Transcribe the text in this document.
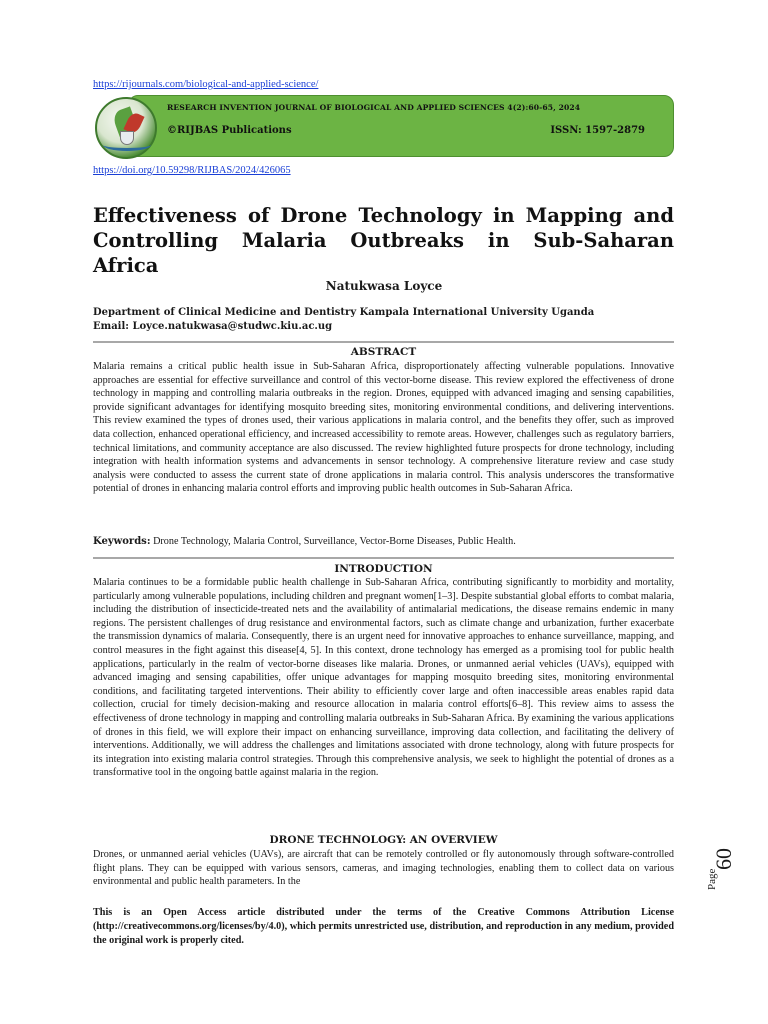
https://rijournals.com/biological-and-applied-science/
RESEARCH INVENTION JOURNAL OF BIOLOGICAL AND APPLIED SCIENCES 4(2):60-65, 2024
©RIJBAS Publications	ISSN: 1597-2879
https://doi.org/10.59298/RIJBAS/2024/426065
Effectiveness of Drone Technology in Mapping and Controlling Malaria Outbreaks in Sub-Saharan Africa
Natukwasa Loyce
Department of Clinical Medicine and Dentistry Kampala International University Uganda
Email: Loyce.natukwasa@studwc.kiu.ac.ug
ABSTRACT

Malaria remains a critical public health issue in Sub-Saharan Africa, disproportionately affecting vulnerable populations. Innovative approaches are essential for effective surveillance and control of this vector-borne disease. This review explored the effectiveness of drone technology in mapping and controlling malaria outbreaks in the region. Drones, equipped with advanced imaging and sensing capabilities, provide significant advantages for identifying mosquito breeding sites, monitoring environmental conditions, and delivering interventions. This review examined the types of drones used, their various applications in malaria control, and the benefits they offer, such as improved data collection, enhanced operational efficiency, and increased accessibility to remote areas. However, challenges such as regulatory barriers, technical limitations, and community acceptance are also discussed. The review highlighted future prospects for drone technology, including integration with health information systems and advancements in sensor technology. A comprehensive literature review and case study analysis were conducted to assess the current state of drone applications in malaria control. This analysis underscores the transformative potential of drones in enhancing malaria control efforts and improving public health outcomes in Sub-Saharan Africa.

Keywords: Drone Technology, Malaria Control, Surveillance, Vector-Borne Diseases, Public Health.
INTRODUCTION

Malaria continues to be a formidable public health challenge in Sub-Saharan Africa, contributing significantly to morbidity and mortality, particularly among vulnerable populations, including children and pregnant women[1–3]. Despite substantial global efforts to combat malaria, including the distribution of insecticide-treated nets and the availability of antimalarial medications, the disease remains endemic in many regions. The persistent challenges of drug resistance and environmental factors, such as climate change and urbanization, further exacerbate the transmission dynamics of malaria. Consequently, there is an urgent need for innovative approaches to enhance surveillance, mapping, and control measures in the fight against this disease[4, 5]. In this context, drone technology has emerged as a promising tool for public health applications, particularly in the realm of vector-borne diseases like malaria. Drones, or unmanned aerial vehicles (UAVs), equipped with advanced imaging and sensing capabilities, offer unique advantages for mapping mosquito breeding sites, monitoring environmental conditions, and facilitating targeted interventions. Their ability to efficiently cover large and often inaccessible areas enables rapid data collection, crucial for timely decision-making and resource allocation in malaria control efforts[6–8]. This review aims to assess the effectiveness of drone technology in mapping and controlling malaria outbreaks in Sub-Saharan Africa. By examining the various applications of drones in this field, we will explore their impact on enhancing surveillance, improving data collection, and facilitating the delivery of interventions. Additionally, we will address the challenges and limitations associated with drone technology, along with future prospects for its integration into existing malaria control strategies. Through this comprehensive analysis, we seek to highlight the potential of drones as a transformative tool in the ongoing battle against malaria in the region.

DRONE TECHNOLOGY: AN OVERVIEW

Drones, or unmanned aerial vehicles (UAVs), are aircraft that can be remotely controlled or fly autonomously through software-controlled flight plans. They can be equipped with various sensors, cameras, and imaging technologies, enabling them to collect data on various environmental and public health parameters. In the

This is an Open Access article distributed under the terms of the Creative Commons Attribution License (http://creativecommons.org/licenses/by/4.0), which permits unrestricted use, distribution, and reproduction in any medium, provided the original work is properly cited.

Page
60
